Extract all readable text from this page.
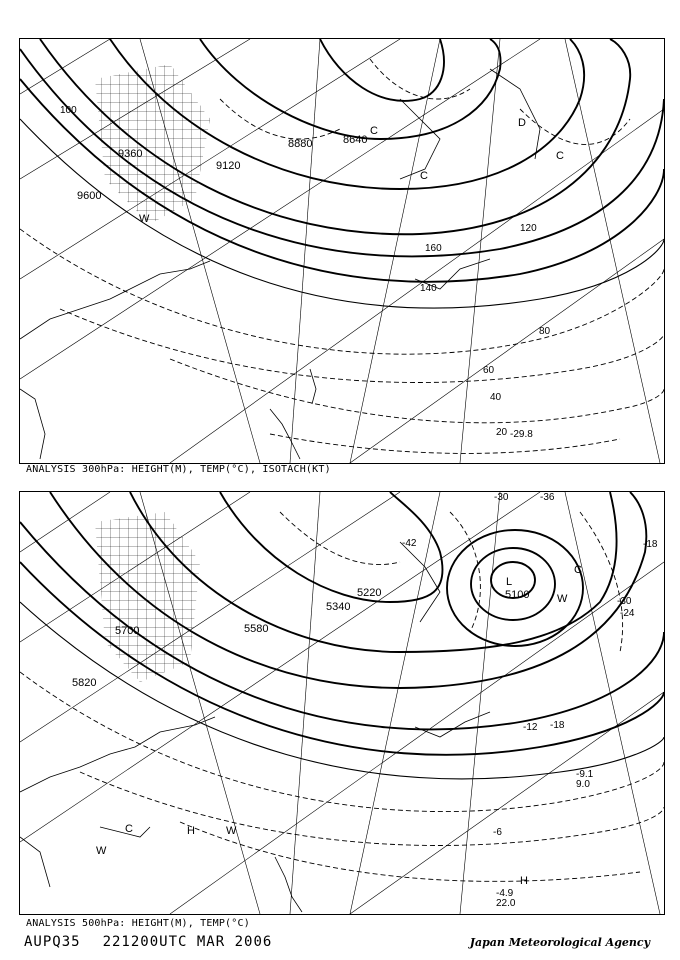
9120
8880	8640
9360
9600
20
40
60
80
100
120
140
160
W
C
D
C
C
-29.8
ANALYSIS 300hPa: HEIGHT(M), TEMP(°C), ISOTACH(KT)
5700	5580
5340
5820
5100
5220
-42
-30	-36
-30
-24
-18
-12
-6
-18
L
W
C	H	W
W
H
C
-4.9
22.0
-9.1
9.0
ANALYSIS 500hPa: HEIGHT(M), TEMP(°C)
AUPQ35 221200UTC MAR 2006	Japan Meteorological Agency
